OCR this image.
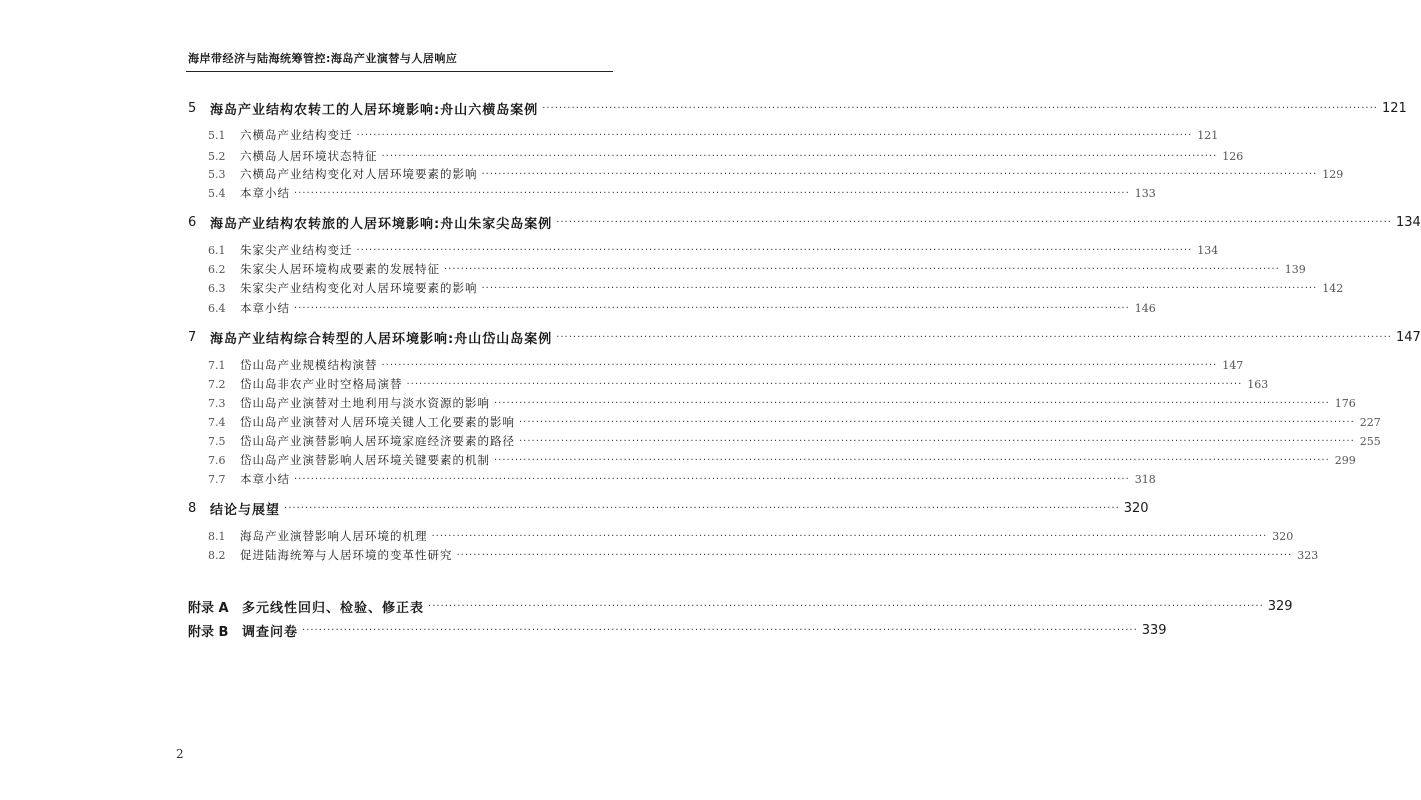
海岸带经济与陆海统筹管控:海岛产业演替与人居响应
5	海岛产业结构农转工的人居环境影响:舟山六横岛案例 ········································································································································································································ 121
5.1	六横岛产业结构变迁 ········································································································································································································ 121
5.2	六横岛人居环境状态特征 ········································································································································································································ 126
5.3	六横岛产业结构变化对人居环境要素的影响 ········································································································································································································ 129
5.4	本章小结 ········································································································································································································ 133
6	海岛产业结构农转旅的人居环境影响:舟山朱家尖岛案例 ········································································································································································································ 134
6.1	朱家尖产业结构变迁 ········································································································································································································ 134
6.2	朱家尖人居环境构成要素的发展特征 ········································································································································································································ 139
6.3	朱家尖产业结构变化对人居环境要素的影响 ········································································································································································································ 142
6.4	本章小结 ········································································································································································································ 146
7	海岛产业结构综合转型的人居环境影响:舟山岱山岛案例 ········································································································································································································ 147
7.1	岱山岛产业规模结构演替 ········································································································································································································ 147
7.2	岱山岛非农产业时空格局演替 ········································································································································································································ 163
7.3	岱山岛产业演替对土地利用与淡水资源的影响 ········································································································································································································ 176
7.4	岱山岛产业演替对人居环境关键人工化要素的影响 ········································································································································································································ 227
7.5	岱山岛产业演替影响人居环境家庭经济要素的路径 ········································································································································································································ 255
7.6	岱山岛产业演替影响人居环境关键要素的机制 ········································································································································································································ 299
7.7	本章小结 ········································································································································································································ 318
8	结论与展望 ········································································································································································································ 320
8.1	海岛产业演替影响人居环境的机理 ········································································································································································································ 320
8.2	促进陆海统筹与人居环境的变革性研究 ········································································································································································································ 323
附录 A	多元线性回归、检验、修正表 ········································································································································································································ 329
附录 B	调查问卷 ········································································································································································································ 339
2
